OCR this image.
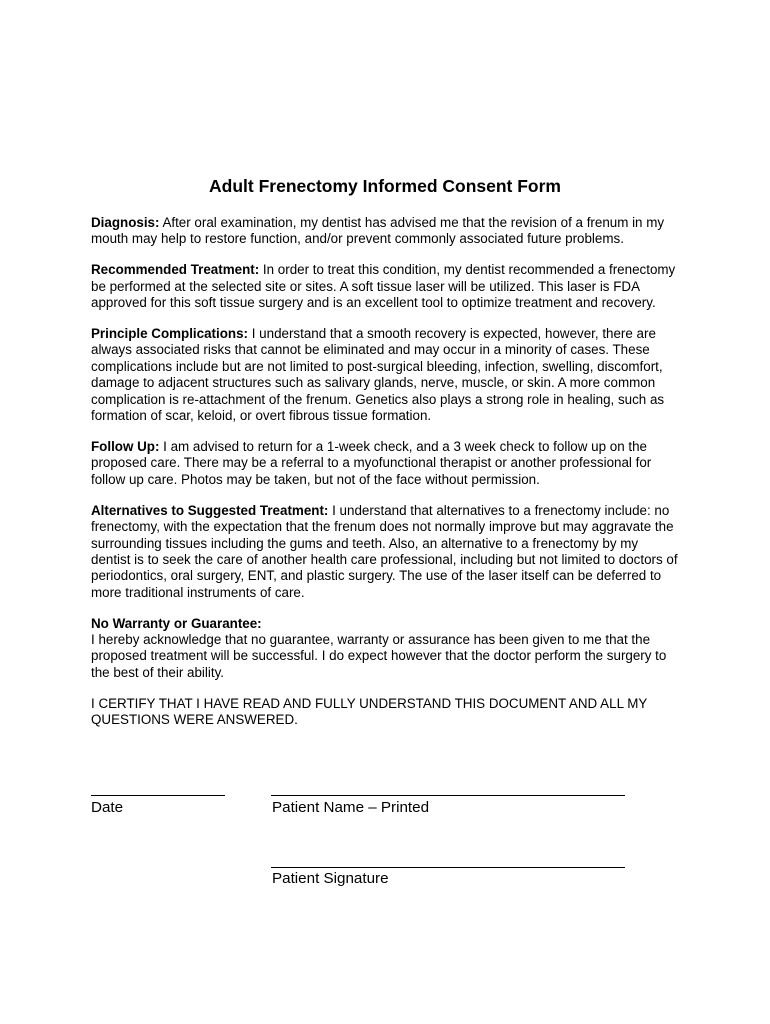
Adult Frenectomy Informed Consent Form

Diagnosis: After oral examination, my dentist has advised me that the revision of a frenum in my mouth may help to restore function, and/or prevent commonly associated future problems.

Recommended Treatment: In order to treat this condition, my dentist recommended a frenectomy be performed at the selected site or sites. A soft tissue laser will be utilized. This laser is FDA approved for this soft tissue surgery and is an excellent tool to optimize treatment and recovery.

Principle Complications: I understand that a smooth recovery is expected, however, there are always associated risks that cannot be eliminated and may occur in a minority of cases. These complications include but are not limited to post-surgical bleeding, infection, swelling, discomfort, damage to adjacent structures such as salivary glands, nerve, muscle, or skin. A more common complication is re-attachment of the frenum. Genetics also plays a strong role in healing, such as formation of scar, keloid, or overt fibrous tissue formation.

Follow Up: I am advised to return for a 1-week check, and a 3 week check to follow up on the proposed care. There may be a referral to a myofunctional therapist or another professional for follow up care. Photos may be taken, but not of the face without permission.

Alternatives to Suggested Treatment: I understand that alternatives to a frenectomy include: no frenectomy, with the expectation that the frenum does not normally improve but may aggravate the surrounding tissues including the gums and teeth. Also, an alternative to a frenectomy by my dentist is to seek the care of another health care professional, including but not limited to doctors of periodontics, oral surgery, ENT, and plastic surgery. The use of the laser itself can be deferred to more traditional instruments of care.

No Warranty or Guarantee:
I hereby acknowledge that no guarantee, warranty or assurance has been given to me that the proposed treatment will be successful. I do expect however that the doctor perform the surgery to the best of their ability.

I CERTIFY THAT I HAVE READ AND FULLY UNDERSTAND THIS DOCUMENT AND ALL MY QUESTIONS WERE ANSWERED.

Date	Patient Name – Printed
Patient Signature
